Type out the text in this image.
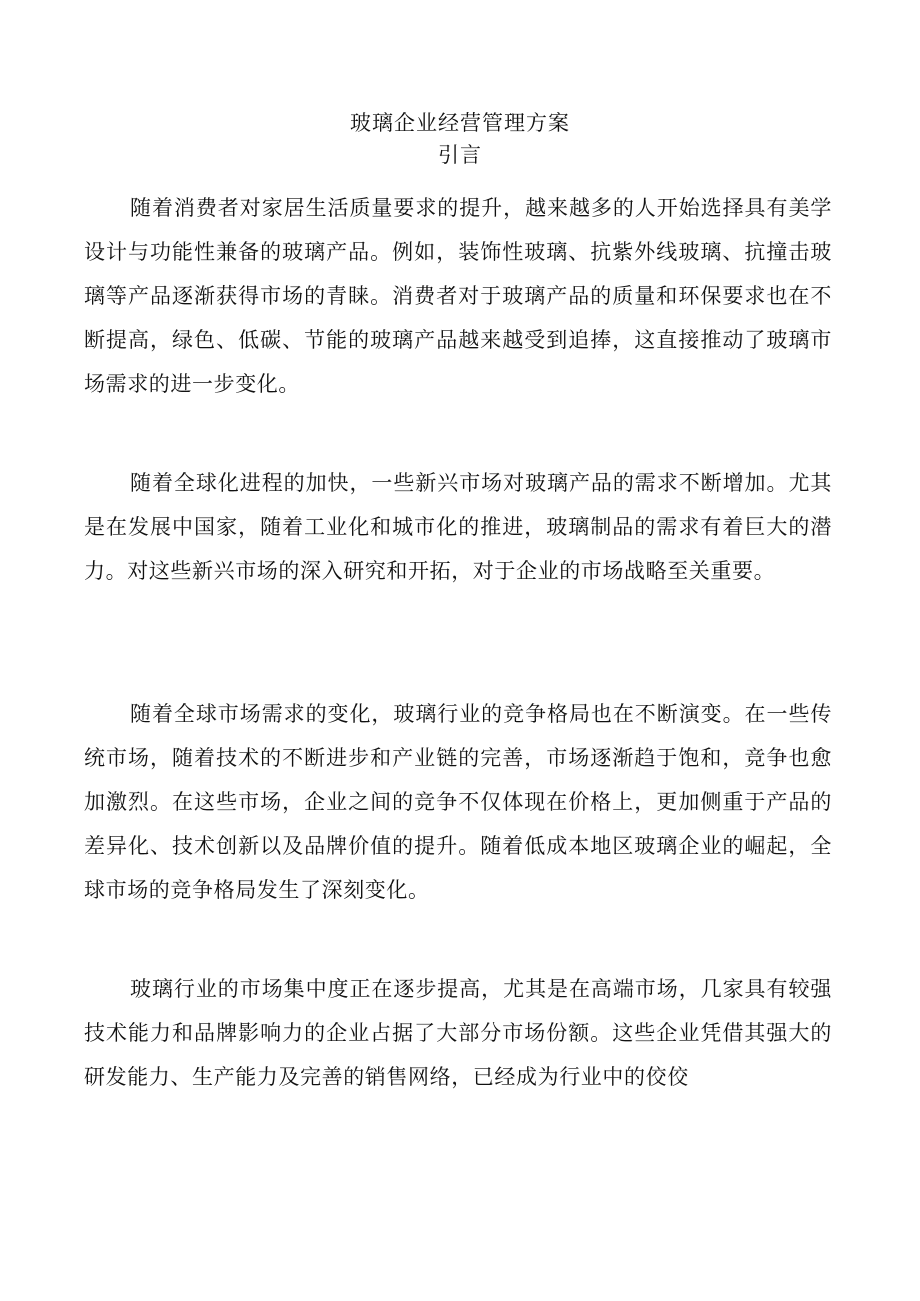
玻璃企业经营管理方案
引言

随着消费者对家居生活质量要求的提升，越来越多的人开始选择具有美学设计与功能性兼备的玻璃产品。例如，装饰性玻璃、抗紫外线玻璃、抗撞击玻璃等产品逐渐获得市场的青睐。消费者对于玻璃产品的质量和环保要求也在不断提高，绿色、低碳、节能的玻璃产品越来越受到追捧，这直接推动了玻璃市场需求的进一步变化。

随着全球化进程的加快，一些新兴市场对玻璃产品的需求不断增加。尤其是在发展中国家，随着工业化和城市化的推进，玻璃制品的需求有着巨大的潜力。对这些新兴市场的深入研究和开拓，对于企业的市场战略至关重要。

随着全球市场需求的变化，玻璃行业的竞争格局也在不断演变。在一些传统市场，随着技术的不断进步和产业链的完善，市场逐渐趋于饱和，竞争也愈加激烈。在这些市场，企业之间的竞争不仅体现在价格上，更加侧重于产品的差异化、技术创新以及品牌价值的提升。随着低成本地区玻璃企业的崛起，全球市场的竞争格局发生了深刻变化。

玻璃行业的市场集中度正在逐步提高，尤其是在高端市场，几家具有较强技术能力和品牌影响力的企业占据了大部分市场份额。这些企业凭借其强大的研发能力、生产能力及完善的销售网络，已经成为行业中的佼佼
